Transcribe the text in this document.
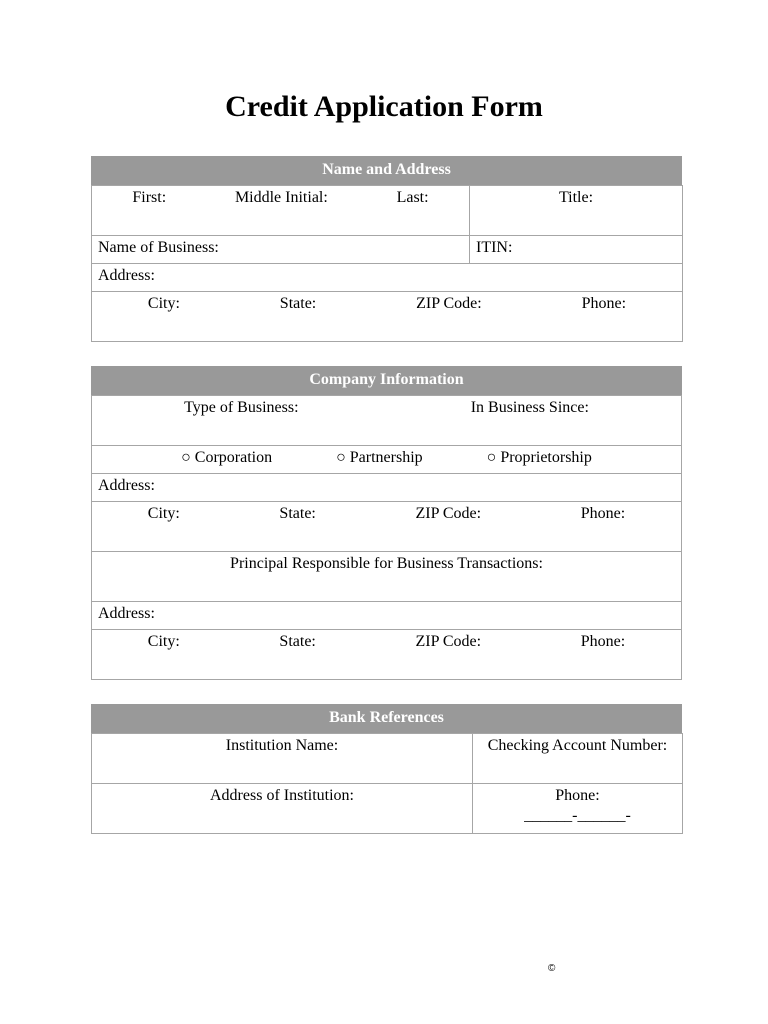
Credit Application Form
Name and Address
First: Middle Initial: Last:	Title:
Name of Business:	ITIN:
Address:	

City: State: ZIP Code: Phone:	
Company Information
Type of Business:	In Business Since:

○ Corporation	○ Partnership	○ Proprietorship
Address:

City:	State:	ZIP Code:	Phone:

Principal Responsible for Business Transactions:
Address:

City:	State:	ZIP Code:	Phone:
Bank References
Institution Name:	Checking Account Number:
Address of Institution:	Phone:
______-______-
©
